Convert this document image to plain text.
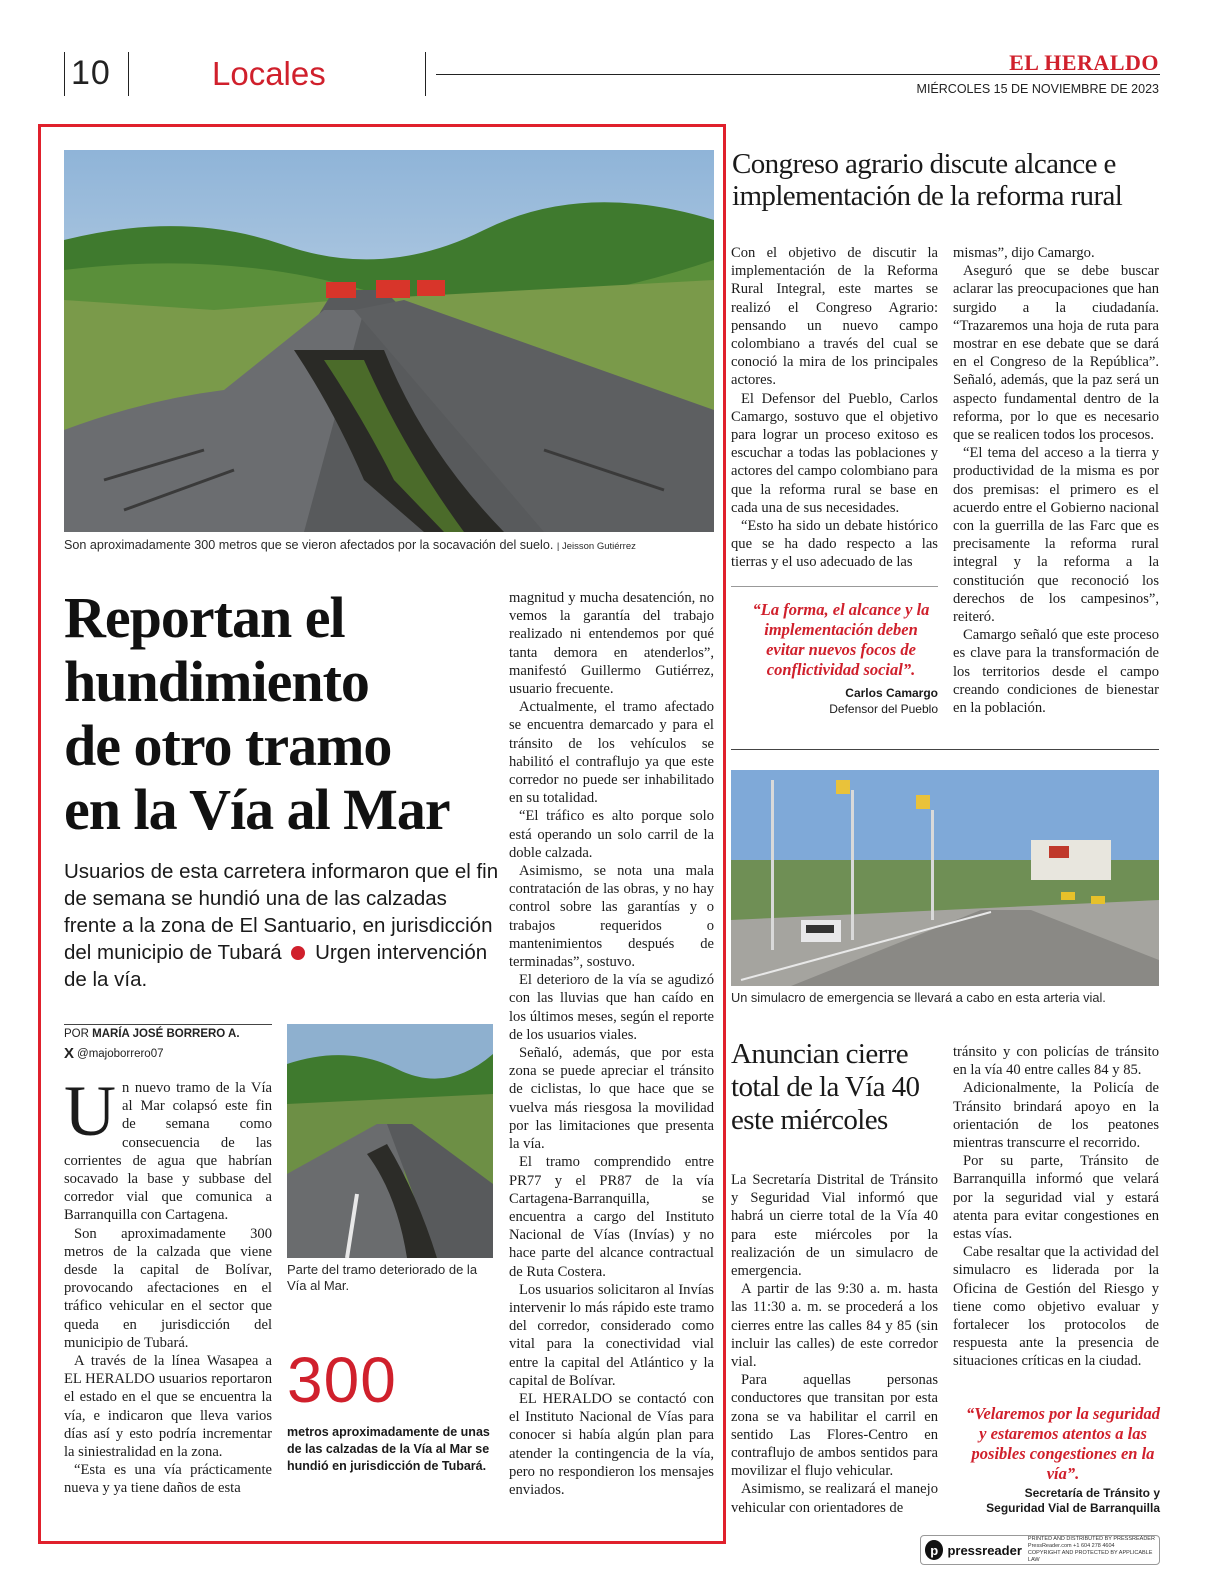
10	Locales	EL HERALDO
MIÉRCOLES 15 DE NOVIEMBRE DE 2023
Son aproximadamente 300 metros que se vieron afectados por la socavación del suelo. | Jeisson Gutiérrez
Reportan el
hundimiento
de otro tramo
en la Vía al Mar
Usuarios de esta carretera informaron que el fin de semana se hundió una de las calzadas frente a la zona de El Santuario, en jurisdicción del municipio de Tubará Urgen intervención de la vía.
POR MARÍA JOSÉ BORRERO A.
X @majoborrero07
U n nuevo tramo de la Vía al Mar colapsó este fin de semana como consecuencia de las corrientes de agua que habrían socavado la base y subbase del corredor vial que comunica a Barranquilla con Cartagena.

Son aproximadamente 300 metros de la calzada que viene desde la capital de Bolívar, provocando afectaciones en el tráfico vehicular en el sector que queda en jurisdicción del municipio de Tubará.

A través de la línea Wasapea a EL HERALDO usuarios reportaron el estado en el que se encuentra la vía, e indicaron que lleva varios días así y esto podría incrementar la siniestralidad en la zona.

“Esta es una vía prácticamente nueva y ya tiene daños de esta

Parte del tramo deteriorado de la Vía al Mar.
300
metros aproximadamente de unas de las calzadas de la Vía al Mar se hundió en jurisdicción de Tubará.

magnitud y mucha desatención, no vemos la garantía del trabajo realizado ni entendemos por qué tanta demora en atenderlos”, manifestó Guillermo Gutiérrez, usuario frecuente.

Actualmente, el tramo afectado se encuentra demarcado y para el tránsito de los vehículos se habilitó el contraflujo ya que este corredor no puede ser inhabilitado en su totalidad.

“El tráfico es alto porque solo está operando un solo carril de la doble calzada.

Asimismo, se nota una mala contratación de las obras, y no hay control sobre las garantías y o trabajos requeridos o mantenimientos después de terminadas”, sostuvo.

El deterioro de la vía se agudizó con las lluvias que han caído en los últimos meses, según el reporte de los usuarios viales.

Señaló, además, que por esta zona se puede apreciar el tránsito de ciclistas, lo que hace que se vuelva más riesgosa la movilidad por las limitaciones que presenta la vía.

El tramo comprendido entre PR77 y el PR87 de la vía Cartagena-Barranquilla, se encuentra a cargo del Instituto Nacional de Vías (Invías) y no hace parte del alcance contractual de Ruta Costera.

Los usuarios solicitaron al Invías intervenir lo más rápido este tramo del corredor, considerado como vital para la conectividad vial entre la capital del Atlántico y la capital de Bolívar.

EL HERALDO se contactó con el Instituto Nacional de Vías para conocer si había algún plan para atender la contingencia de la vía, pero no respondieron los mensajes enviados.

Congreso agrario discute alcance e implementación de la reforma rural

Con el objetivo de discutir la implementación de la Reforma Rural Integral, este martes se realizó el Congreso Agrario: pensando un nuevo campo colombiano a través del cual se conoció la mira de los principales actores.

El Defensor del Pueblo, Carlos Camargo, sostuvo que el objetivo para lograr un proceso exitoso es escuchar a todas las poblaciones y actores del campo colombiano para que la reforma rural se base en cada una de sus necesidades.

“Esto ha sido un debate histórico que se ha dado respecto a las tierras y el uso adecuado de las

“La forma, el alcance y la implementación deben evitar nuevos focos de conflictividad social”.
Carlos Camargo
Defensor del Pueblo

mismas”, dijo Camargo.

Aseguró que se debe buscar aclarar las preocupaciones que han surgido a la ciudadanía. “Trazaremos una hoja de ruta para mostrar en ese debate que se dará en el Congreso de la República”. Señaló, además, que la paz será un aspecto fundamental dentro de la reforma, por lo que es necesario que se realicen todos los procesos.

“El tema del acceso a la tierra y productividad de la misma es por dos premisas: el primero es el acuerdo entre el Gobierno nacional con la guerrilla de las Farc que es precisamente la reforma rural integral y la reforma a la constitución que reconoció los derechos de los campesinos”, reiteró.

Camargo señaló que este proceso es clave para la transformación de los territorios desde el campo creando condiciones de bienestar en la población.

Un simulacro de emergencia se llevará a cabo en esta arteria vial.
Anuncian cierre total de la Vía 40 este miércoles

La Secretaría Distrital de Tránsito y Seguridad Vial informó que habrá un cierre total de la Vía 40 para este miércoles por la realización de un simulacro de emergencia.

A partir de las 9:30 a. m. hasta las 11:30 a. m. se procederá a los cierres entre las calles 84 y 85 (sin incluir las calles) de este corredor vial.

Para aquellas personas conductores que transitan por esta zona se va habilitar el carril en sentido Las Flores-Centro en contraflujo de ambos sentidos para movilizar el flujo vehicular.

Asimismo, se realizará el manejo vehicular con orientadores de

tránsito y con policías de tránsito en la vía 40 entre calles 84 y 85.

Adicionalmente, la Policía de Tránsito brindará apoyo en la orientación de los peatones mientras transcurre el recorrido.

Por su parte, Tránsito de Barranquilla informó que velará por la seguridad vial y estará atenta para evitar congestiones en estas vías.

Cabe resaltar que la actividad del simulacro es liderada por la Oficina de Gestión del Riesgo y tiene como objetivo evaluar y fortalecer los protocolos de respuesta ante la presencia de situaciones críticas en la ciudad.

“Velaremos por la seguridad y estaremos atentos a las posibles congestiones en la vía”.
Secretaría de Tránsito y
Seguridad Vial de Barranquilla
p pressreader
PRINTED AND DISTRIBUTED BY PRESSREADER
PressReader.com +1 604 278 4604
COPYRIGHT AND PROTECTED BY APPLICABLE LAW
